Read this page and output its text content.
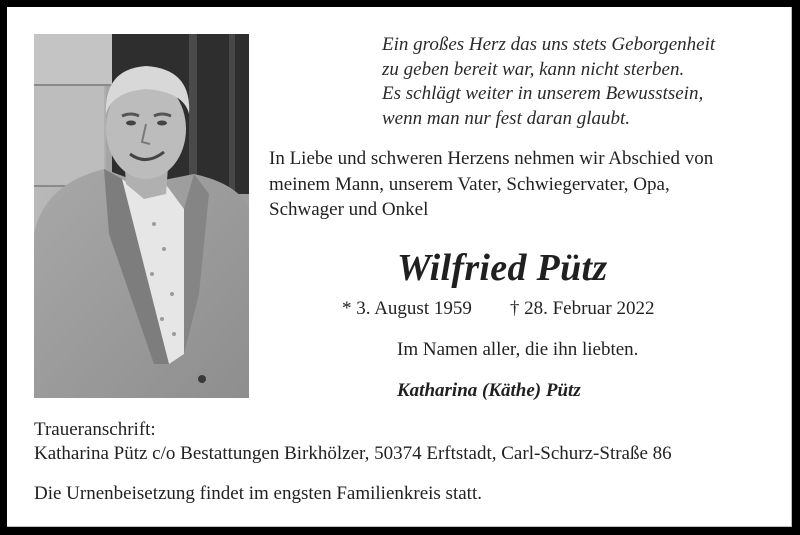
Ein großes Herz das uns stets Geborgenheit
zu geben bereit war, kann nicht sterben.
Es schlägt weiter in unserem Bewusstsein,
wenn man nur fest daran glaubt.
In Liebe und schweren Herzens nehmen wir Abschied von
meinem Mann, unserem Vater, Schwiegervater, Opa,
Schwager und Onkel
Wilfried Pütz
* 3. August 1959 † 28. Februar 2022
Im Namen aller, die ihn liebten.
Katharina (Käthe) Pütz
Traueranschrift:
Katharina Pütz c/o Bestattungen Birkhölzer, 50374 Erftstadt, Carl-Schurz-Straße 86
Die Urnenbeisetzung findet im engsten Familienkreis statt.
